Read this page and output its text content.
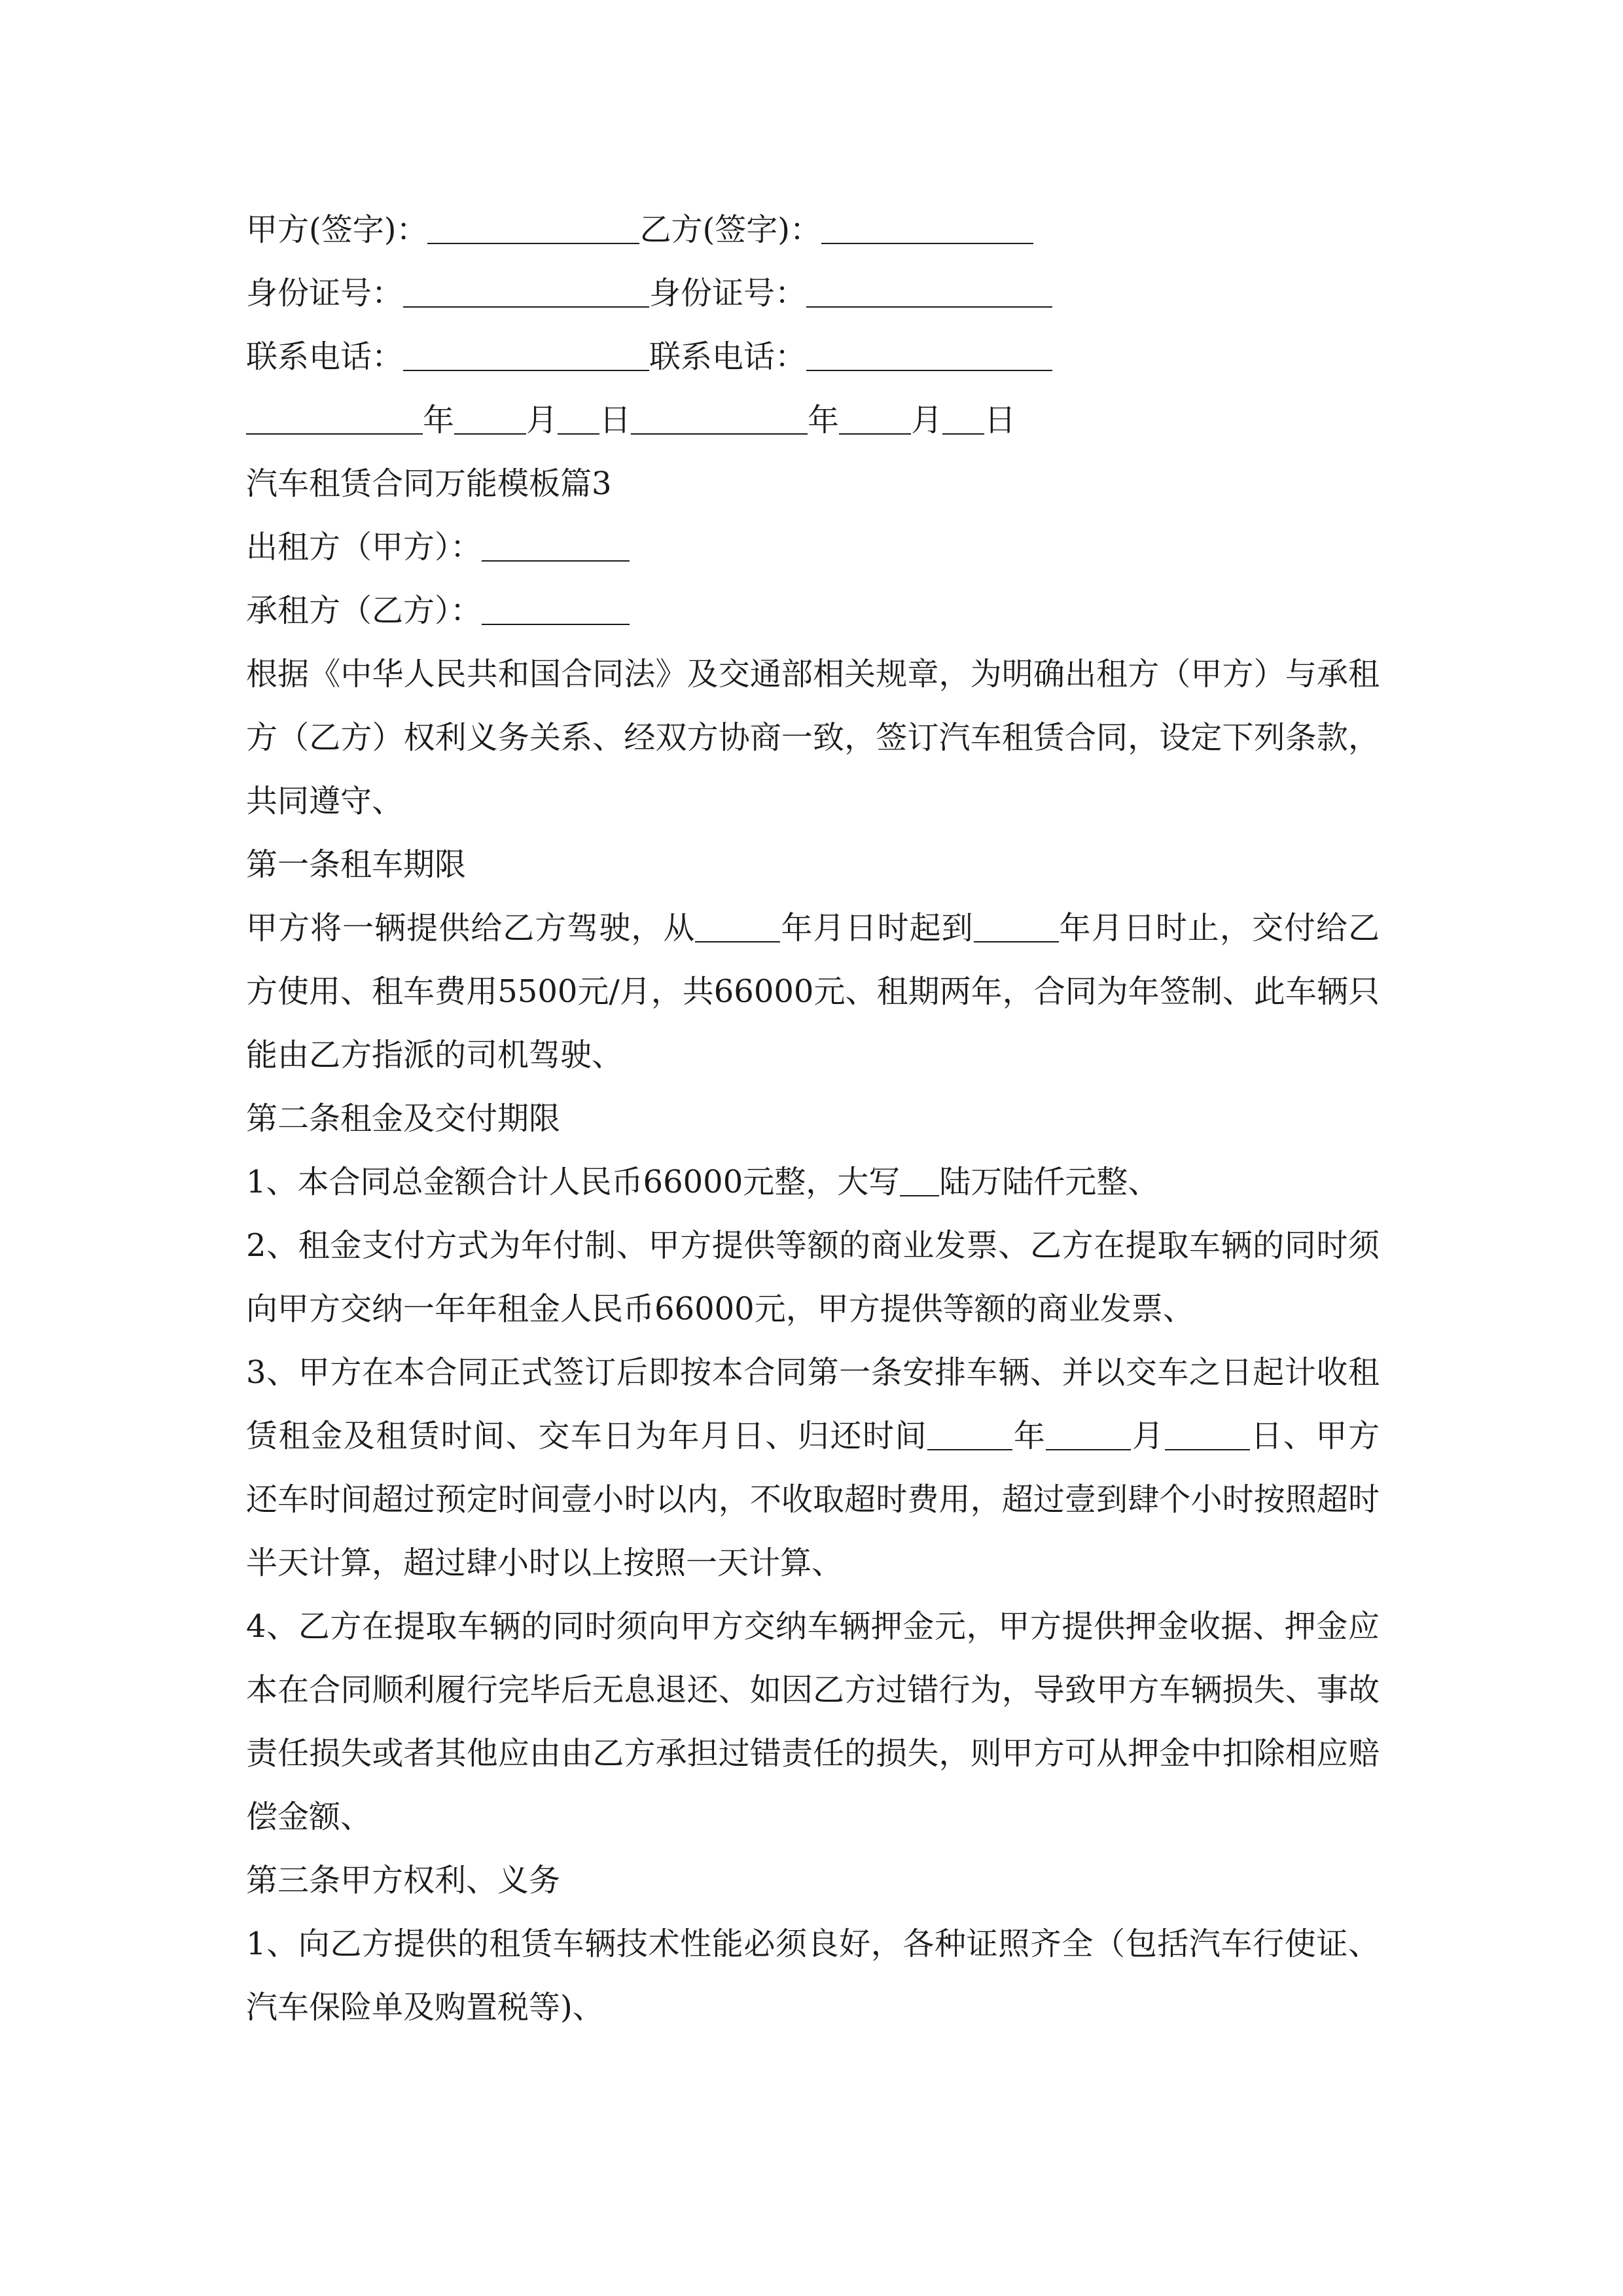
甲方(签字)：	乙方(签字)：
身份证号：	身份证号：
联系电话：	联系电话：
年 月 日	年 月 日
汽车租赁合同万能模板篇3
出租方（甲方）：
承租方（乙方）：
根据《中华人民共和国合同法》及交通部相关规章，为明确出租方（甲方）与承租方（乙方）权利义务关系、经双方协商一致，签订汽车租赁合同，设定下列条款，共同遵守、
第一条租车期限
甲方将一辆提供给乙方驾驶，从	年月日时起到	年月日时止，交付给乙方使用、租车费用5500元/月，共66000元、租期两年，合同为年签制、此车辆只能由乙方指派的司机驾驶、
第二条租金及交付期限
1、本合同总金额合计人民币66000元整，大写 陆万陆仟元整、
2、租金支付方式为年付制、甲方提供等额的商业发票、乙方在提取车辆的同时须向甲方交纳一年年租金人民币66000元，甲方提供等额的商业发票、
3、甲方在本合同正式签订后即按本合同第一条安排车辆、并以交车之日起计收租赁租金及租赁时间、交车日为年月日、归还时间	年	月	日、甲方还车时间超过预定时间壹小时以内，不收取超时费用，超过壹到肆个小时按照超时半天计算，超过肆小时以上按照一天计算、
4、乙方在提取车辆的同时须向甲方交纳车辆押金元，甲方提供押金收据、押金应本在合同顺利履行完毕后无息退还、如因乙方过错行为，导致甲方车辆损失、事故责任损失或者其他应由由乙方承担过错责任的损失，则甲方可从押金中扣除相应赔偿金额、
第三条甲方权利、义务
1、向乙方提供的租赁车辆技术性能必须良好，各种证照齐全（包括汽车行使证、汽车保险单及购置税等)、
